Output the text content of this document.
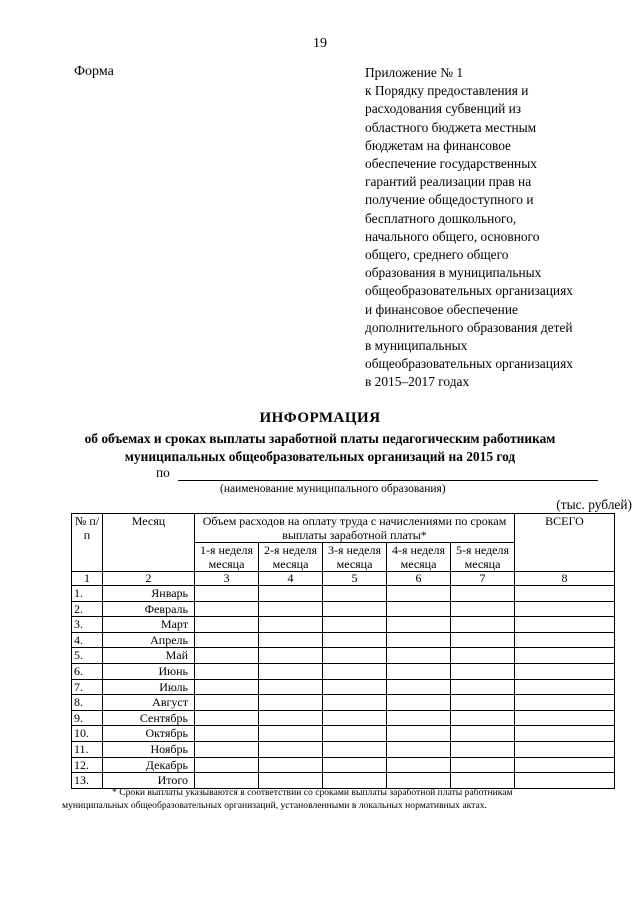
19
Форма	Приложение № 1
к Порядку предоставления и
расходования субвенций из
областного бюджета местным
бюджетам на финансовое
обеспечение государственных
гарантий реализации прав на
получение общедоступного и
бесплатного дошкольного,
начального общего, основного
общего, среднего общего
образования в муниципальных
общеобразовательных организациях
и финансовое обеспечение
дополнительного образования детей
в муниципальных
общеобразовательных организациях
в 2015–2017 годах
ИНФОРМАЦИЯ
об объемах и сроках выплаты заработной платы педагогическим работникам
муниципальных общеобразовательных организаций на 2015 год
по
(наименование муниципального образования)
(тыс. рублей)
№ п/п	Месяц	Объем расходов на оплату труда с начислениями по срокам выплаты заработной платы*					ВСЕГО
		1-я неделя месяца	2-я неделя месяца	3-я неделя месяца	4-я неделя месяца	5-я неделя месяца	
1	2	3	4	5	6	7	8
1.	Январь						
2.	Февраль						
3.	Март						
4.	Апрель						
5.	Май						
6.	Июнь						
7.	Июль						
8.	Август						
9.	Сентябрь						
10.	Октябрь						
11.	Ноябрь						
12.	Декабрь						
13.	Итого						
* Сроки выплаты указываются в соответствии со сроками выплаты заработной платы работникам
муниципальных общеобразовательных организаций, установленными в локальных нормативных актах.
